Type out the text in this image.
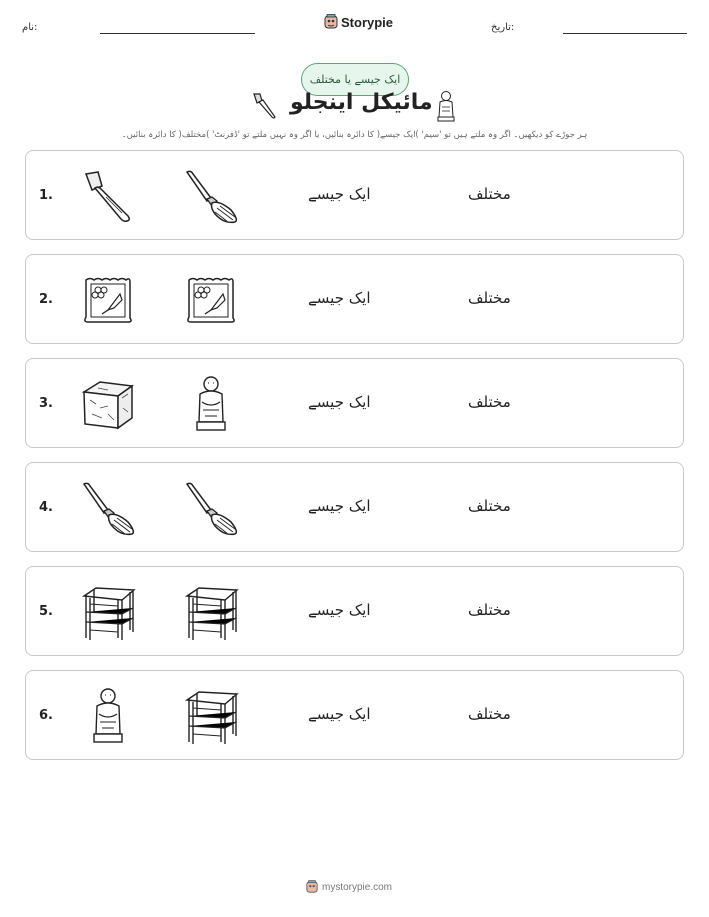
نام:	Storypie	تاریخ:
ایک جیسے یا مختلف
مائیکل اینجلو
ہر جوڑے کو دیکھیں۔ اگر وہ ملتے ہیں تو 'سیم' )ایک جیسے( کا دائرہ بنائیں، یا اگر وہ نہیں ملتے تو 'ڈفرنٹ' )مختلف( کا دائرہ بنائیں۔
1.	ایک جیسے	مختلف
2.	ایک جیسے	مختلف
3.	ایک جیسے	مختلف
4.	ایک جیسے	مختلف
5.	ایک جیسے	مختلف
6.	ایک جیسے	مختلف
mystorypie.com
